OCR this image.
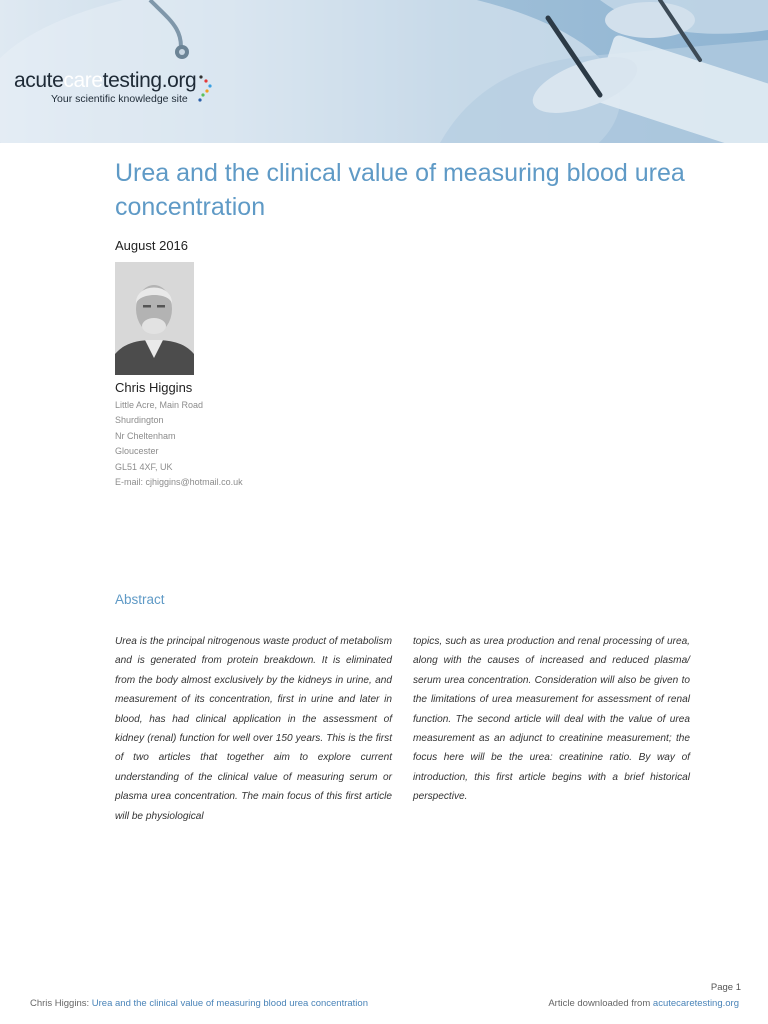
acutecaretesting.org
Your scientific knowledge site
Urea and the clinical value of measuring blood urea concentration
August 2016
Chris Higgins
Little Acre, Main Road
Shurdington
Nr Cheltenham
Gloucester
GL51 4XF, UK
E-mail: cjhiggins@hotmail.co.uk
Abstract

Urea is the principal nitrogenous waste product of metabolism and is generated from protein breakdown. It is eliminated from the body almost exclusively by the kidneys in urine, and measurement of its concentration, first in urine and later in blood, has had clinical application in the assessment of kidney (renal) function for well over 150 years. This is the first of two articles that together aim to explore current understanding of the clinical value of measuring serum or plasma urea concentration. The main focus of this first article will be physiological

topics, such as urea production and renal processing of urea, along with the causes of increased and reduced plasma/ serum urea concentration. Consideration will also be given to the limitations of urea measurement for assessment of renal function. The second article will deal with the value of urea measurement as an adjunct to creatinine measurement; the focus here will be the urea: creatinine ratio. By way of introduction, this first article begins with a brief historical perspective.

Page 1
Chris Higgins: Urea and the clinical value of measuring blood urea concentration	Article downloaded from acutecaretesting.org
